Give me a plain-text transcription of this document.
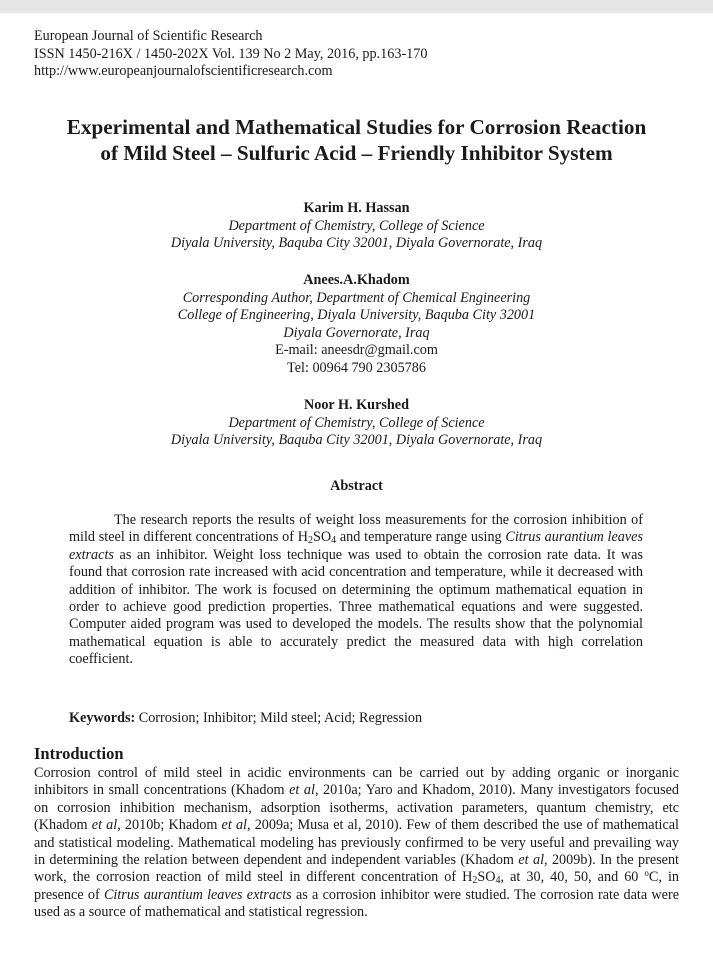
European Journal of Scientific Research
ISSN 1450-216X / 1450-202X Vol. 139 No 2 May, 2016, pp.163-170
http://www.europeanjournalofscientificresearch.com
Experimental and Mathematical Studies for Corrosion Reaction
of Mild Steel – Sulfuric Acid – Friendly Inhibitor System
Karim H. Hassan
Department of Chemistry, College of Science
Diyala University, Baquba City 32001, Diyala Governorate, Iraq
Anees.A.Khadom
Corresponding Author, Department of Chemical Engineering
College of Engineering, Diyala University, Baquba City 32001
Diyala Governorate, Iraq
E-mail: aneesdr@gmail.com
Tel: 00964 790 2305786
Noor H. Kurshed
Department of Chemistry, College of Science
Diyala University, Baquba City 32001, Diyala Governorate, Iraq
Abstract

The research reports the results of weight loss measurements for the corrosion inhibition of mild steel in different concentrations of $H_2SO_4$ and temperature range using Citrus aurantium leaves extracts as an inhibitor. Weight loss technique was used to obtain the corrosion rate data. It was found that corrosion rate increased with acid concentration and temperature, while it decreased with addition of inhibitor. The work is focused on determining the optimum mathematical equation in order to achieve good prediction properties. Three mathematical equations and were suggested. Computer aided program was used to developed the models. The results show that the polynomial mathematical equation is able to accurately predict the measured data with high correlation coefficient.

Keywords: Corrosion; Inhibitor; Mild steel; Acid; Regression
Introduction

Corrosion control of mild steel in acidic environments can be carried out by adding organic or inorganic inhibitors in small concentrations (Khadom et al, 2010a; Yaro and Khadom, 2010). Many investigators focused on corrosion inhibition mechanism, adsorption isotherms, activation parameters, quantum chemistry, etc (Khadom et al, 2010b; Khadom et al, 2009a; Musa et al, 2010). Few of them described the use of mathematical and statistical modeling. Mathematical modeling has previously confirmed to be very useful and prevailing way in determining the relation between dependent and independent variables (Khadom et al, 2009b). In the present work, the corrosion reaction of mild steel in different concentration of $H_2SO_4$, at 30, 40, 50, and 60 $^o$C, in presence of Citrus aurantium leaves extracts as a corrosion inhibitor were studied. The corrosion rate data were used as a source of mathematical and statistical regression.
